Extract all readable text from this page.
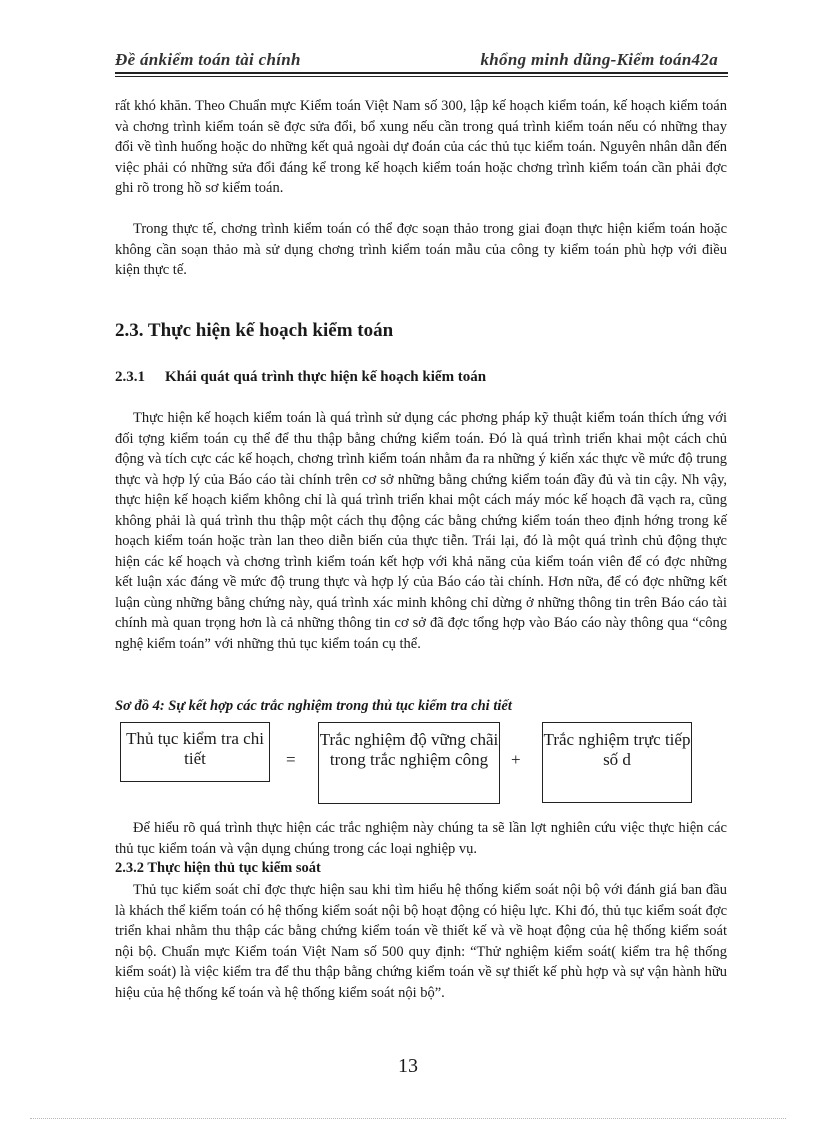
Đề ánkiểm toán tài chính	khổng minh dũng-Kiểm toán42a

rất khó khăn. Theo Chuẩn mực Kiểm toán Việt Nam số 300, lập kế hoạch kiểm toán, kế hoạch kiểm toán và chơng trình kiểm toán sẽ đợc sửa đổi, bổ xung nếu cần trong quá trình kiểm toán nếu có những thay đổi về tình huống hoặc do những kết quả ngoài dự đoán của các thủ tục kiểm toán. Nguyên nhân dẫn đến việc phải có những sửa đổi đáng kể trong kế hoạch kiểm toán hoặc chơng trình kiểm toán cần phải đợc ghi rõ trong hồ sơ kiểm toán.

Trong thực tế, chơng trình kiểm toán có thể đợc soạn thảo trong giai đoạn thực hiện kiểm toán hoặc không cần soạn thảo mà sử dụng chơng trình kiểm toán mẫu của công ty kiểm toán phù hợp với điều kiện thực tế.

2.3. Thực hiện kế hoạch kiểm toán
2.3.1 Khái quát quá trình thực hiện kế hoạch kiểm toán

Thực hiện kế hoạch kiểm toán là quá trình sử dụng các phơng pháp kỹ thuật kiểm toán thích ứng với đối tợng kiểm toán cụ thể để thu thập bằng chứng kiểm toán. Đó là quá trình triển khai một cách chủ động và tích cực các kế hoạch, chơng trình kiểm toán nhằm đa ra những ý kiến xác thực về mức độ trung thực và hợp lý của Báo cáo tài chính trên cơ sở những bằng chứng kiểm toán đầy đủ và tin cậy. Nh vậy, thực hiện kế hoạch kiểm không chỉ là quá trình triển khai một cách máy móc kế hoạch đã vạch ra, cũng không phải là quá trình thu thập một cách thụ động các bằng chứng kiểm toán theo định hớng trong kế hoạch kiểm toán hoặc tràn lan theo diễn biến của thực tiễn. Trái lại, đó là một quá trình chủ động thực hiện các kế hoạch và chơng trình kiểm toán kết hợp với khả năng của kiểm toán viên để có đợc những kết luận xác đáng về mức độ trung thực và hợp lý của Báo cáo tài chính. Hơn nữa, để có đợc những kết luận cùng những bằng chứng này, quá trình xác minh không chỉ dừng ở những thông tin trên Báo cáo tài chính mà quan trọng hơn là cả những thông tin cơ sở đã đợc tổng hợp vào Báo cáo này thông qua “công nghệ kiểm toán” với những thủ tục kiểm toán cụ thể.

Sơ đồ 4: Sự kết hợp các trắc nghiệm trong thủ tục kiểm tra chi tiết

Thủ tục kiểm tra chi tiết	=
Trắc nghiệm độ vững chãi trong trắc nghiệm công	+
Trắc nghiệm trực tiếp số d

Để hiểu rõ quá trình thực hiện các trắc nghiệm này chúng ta sẽ lần lợt nghiên cứu việc thực hiện các thủ tục kiểm toán và vận dụng chúng trong các loại nghiệp vụ.

2.3.2 Thực hiện thủ tục kiểm soát

Thủ tục kiểm soát chỉ đợc thực hiện sau khi tìm hiểu hệ thống kiểm soát nội bộ với đánh giá ban đầu là khách thể kiểm toán có hệ thống kiểm soát nội bộ hoạt động có hiệu lực. Khi đó, thủ tục kiểm soát đợc triển khai nhằm thu thập các bằng chứng kiểm toán về thiết kế và về hoạt động của hệ thống kiểm soát nội bộ. Chuẩn mực Kiểm toán Việt Nam số 500 quy định: “Thử nghiệm kiểm soát( kiểm tra hệ thống kiểm soát) là việc kiểm tra để thu thập bằng chứng kiểm toán về sự thiết kế phù hợp và sự vận hành hữu hiệu của hệ thống kế toán và hệ thống kiểm soát nội bộ”.

13
